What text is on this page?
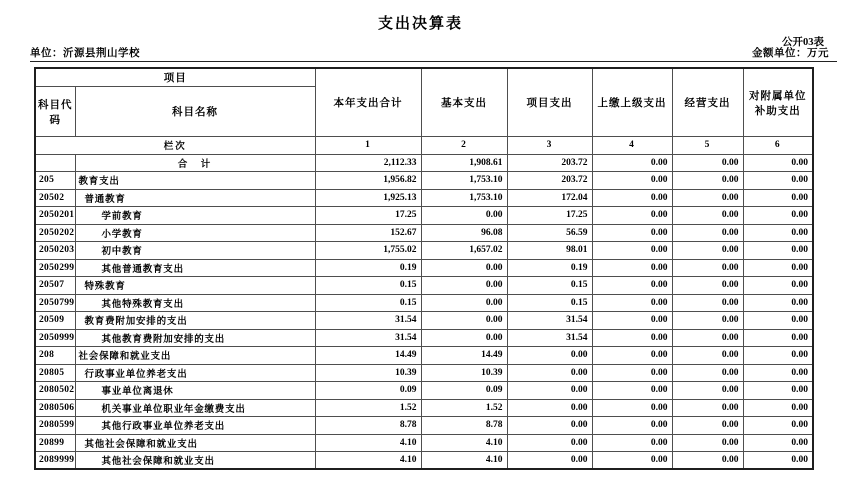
支出决算表
公开03表
单位：沂源县荆山学校	金额单位：万元
项目		本年支出合计	基本支出	项目支出	上缴上级支出	经营支出	对附属单位补助支出
科目代码	科目名称						
栏次		1	2	3	4	5	6
	合　计	2,112.33	1,908.61	203.72	0.00	0.00	0.00
205	教育支出	1,956.82	1,753.10	203.72	0.00	0.00	0.00
20502	普通教育	1,925.13	1,753.10	172.04	0.00	0.00	0.00
2050201	学前教育	17.25	0.00	17.25	0.00	0.00	0.00
2050202	小学教育	152.67	96.08	56.59	0.00	0.00	0.00
2050203	初中教育	1,755.02	1,657.02	98.01	0.00	0.00	0.00
2050299	其他普通教育支出	0.19	0.00	0.19	0.00	0.00	0.00
20507	特殊教育	0.15	0.00	0.15	0.00	0.00	0.00
2050799	其他特殊教育支出	0.15	0.00	0.15	0.00	0.00	0.00
20509	教育费附加安排的支出	31.54	0.00	31.54	0.00	0.00	0.00
2050999	其他教育费附加安排的支出	31.54	0.00	31.54	0.00	0.00	0.00
208	社会保障和就业支出	14.49	14.49	0.00	0.00	0.00	0.00
20805	行政事业单位养老支出	10.39	10.39	0.00	0.00	0.00	0.00
2080502	事业单位离退休	0.09	0.09	0.00	0.00	0.00	0.00
2080506	机关事业单位职业年金缴费支出	1.52	1.52	0.00	0.00	0.00	0.00
2080599	其他行政事业单位养老支出	8.78	8.78	0.00	0.00	0.00	0.00
20899	其他社会保障和就业支出	4.10	4.10	0.00	0.00	0.00	0.00
2089999	其他社会保障和就业支出	4.10	4.10	0.00	0.00	0.00	0.00
